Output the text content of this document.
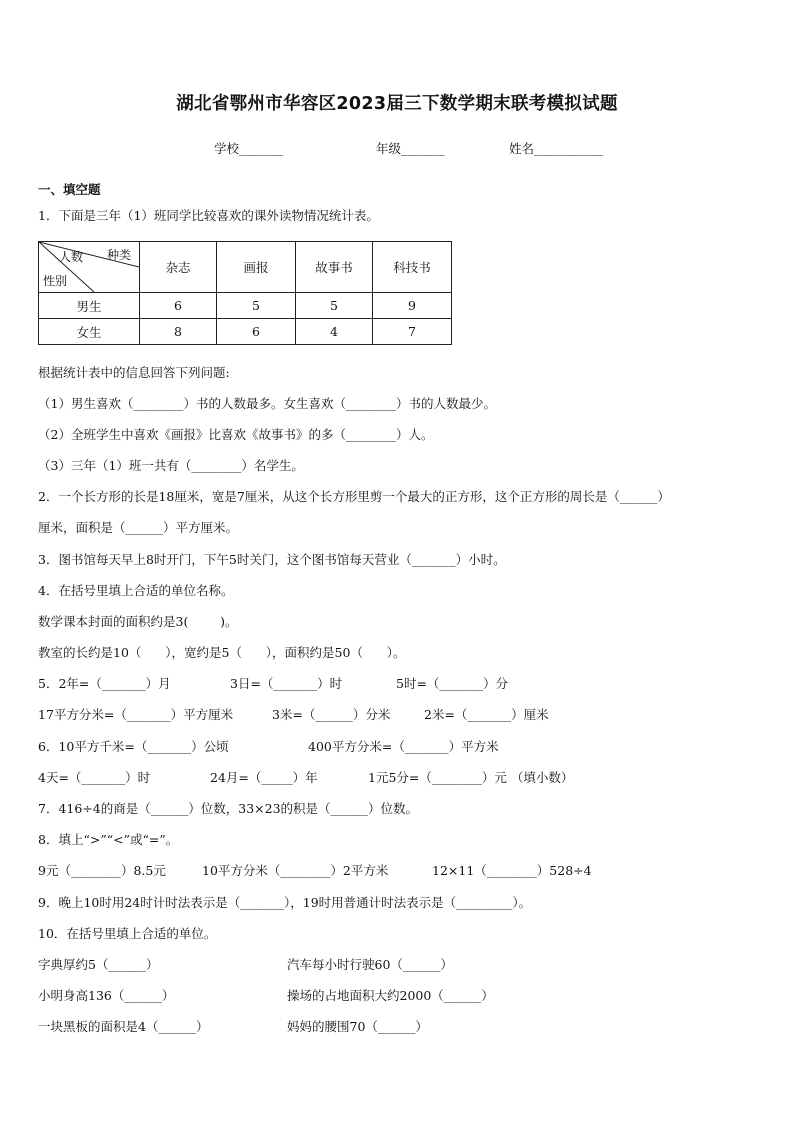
湖北省鄂州市华容区2023届三下数学期末联考模拟试题
学校_______	年级_______	姓名___________
一、填空题
1．下面是三年（1）班同学比较喜欢的课外读物情况统计表。
种类
人数
性别	杂志	画报	故事书	科技书
男生	6	5	5	9
女生	8	6	4	7
根据统计表中的信息回答下列问题:
（1）男生喜欢（________）书的人数最多。女生喜欢（________）书的人数最少。
（2）全班学生中喜欢《画报》比喜欢《故事书》的多（________）人。
（3）三年（1）班一共有（________）名学生。
2．一个长方形的长是18厘米，宽是7厘米，从这个长方形里剪一个最大的正方形，这个正方形的周长是（______）
厘米，面积是（______）平方厘米。
3．图书馆每天早上8时开门，下午5时关门，这个图书馆每天营业（_______）小时。
4．在括号里填上合适的单位名称。
数学课本封面的面积约是3(        )。
教室的长约是10（      ），宽约是5（      ），面积约是50（      ）。
5．2年=（_______）月	3日=（_______）时	5时=（_______）分
17平方分米=（_______）平方厘米	3米=（______）分米	2米=（_______）厘米
6．10平方千米=（_______）公顷	400平方分米=（_______）平方米
4天=（_______）时	24月=（_____）年	1元5分=（________）元 （填小数）
7．416÷4的商是（______）位数，33×23的积是（______）位数。
8．填上“>”“<”或“=”。
9元（________）8.5元	10平方分米（________）2平方米	12×11（________）528÷4
9．晚上10时用24时计时法表示是（_______），19时用普通计时法表示是（_________）。
10．在括号里填上合适的单位。
字典厚约5（______）	汽车每小时行驶60（______）
小明身高136（______）	操场的占地面积大约2000（______）
一块黑板的面积是4（______）	妈妈的腰围70（______）
